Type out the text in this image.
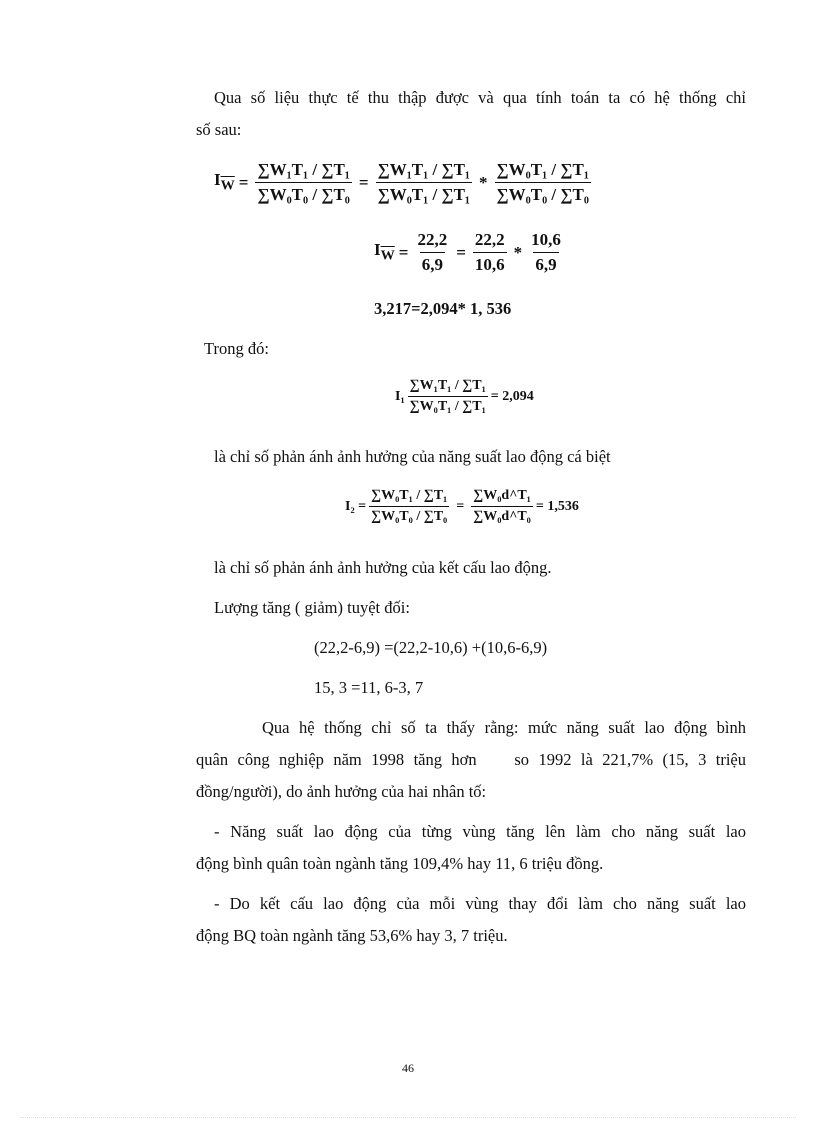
Qua số liệu thực tế thu thập được và qua tính toán ta có hệ thống chỉ

số sau:

$I_{\overline{W}} = \frac{\text{∑W₁T₁ / ∑T₁}}{\text{∑W₀T₀ / ∑T₀}} = \frac{\text{∑W₁T₁ / ∑T₁}}{\text{∑W₀T₁ / ∑T₁}} * \frac{\text{∑W₀T₁ / ∑T₁}}{\text{∑W₀T₀ / ∑T₀}}$
$I_{\overline{W}} = \frac{22,2}{6,9} = \frac{22,2}{10,6} * \frac{10,6}{6,9}$

3,217=2,094* 1, 536

Trong đó:

$I_1 \frac{\text{∑W₁T₁ / ∑T₁}}{\text{∑W₀T₁ / ∑T₁}} = 2,094$

là chỉ số phản ánh ảnh hưởng của năng suất lao động cá biệt

$I_2 = \frac{\text{∑W₀T₁ / ∑T₁}}{\text{∑W₀T₀ / ∑T₀}} = \frac{\text{∑W₀d\textasciicircum{}T₁}}{\text{∑W₀d\textasciicircum{}T₀}} = 1,536$

là chỉ số phản ánh ảnh hưởng của kết cấu lao động.

Lượng tăng ( giảm) tuyệt đối:

(22,2-6,9) =(22,2-10,6) +(10,6-6,9)

15, 3 =11, 6-3, 7

Qua hệ thống chỉ số ta thấy rằng: mức năng suất lao động bình

quân công nghiệp năm 1998 tăng hơn    so 1992 là 221,7% (15, 3 triệu

đồng/người), do ảnh hưởng của hai nhân tố:

- Năng suất lao động của từng vùng tăng lên làm cho năng suất lao

động bình quân toàn ngành tăng 109,4% hay 11, 6 triệu đồng.

- Do kết cấu lao động của mỗi vùng thay đổi làm cho năng suất lao

động BQ toàn ngành tăng 53,6% hay 3, 7 triệu.

46
